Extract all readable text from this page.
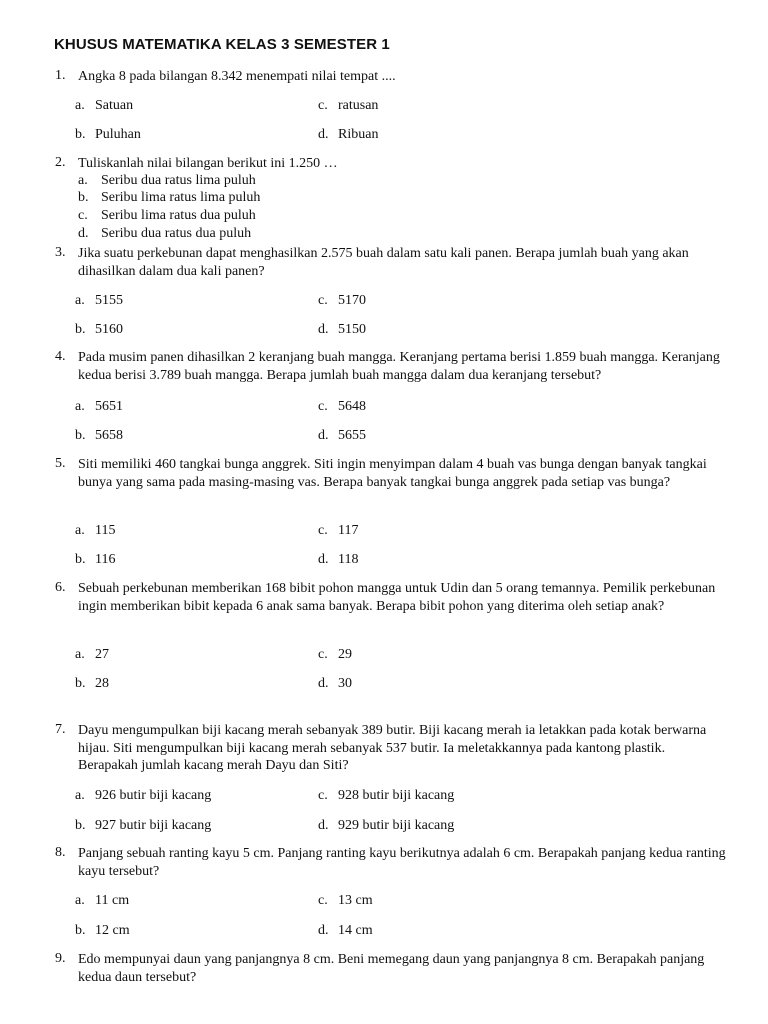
KHUSUS MATEMATIKA KELAS 3 SEMESTER 1
1. Angka 8 pada bilangan 8.342 menempati nilai tempat ....
a. Satuan	c. ratusan
b. Puluhan	d. Ribuan
2. Tuliskanlah nilai bilangan berikut ini 1.250 …
a. Seribu dua ratus lima puluh
b. Seribu lima ratus lima puluh
c. Seribu lima ratus dua puluh
d. Seribu dua ratus dua puluh
3. Jika suatu perkebunan dapat menghasilkan 2.575 buah dalam satu kali panen. Berapa jumlah buah yang akan dihasilkan dalam dua kali panen?
a. 5155	c. 5170
b. 5160	d. 5150
4. Pada musim panen dihasilkan 2 keranjang buah mangga. Keranjang pertama berisi 1.859 buah mangga. Keranjang kedua berisi 3.789 buah mangga. Berapa jumlah buah mangga dalam dua keranjang tersebut?
a. 5651	c. 5648
b. 5658	d. 5655
5. Siti memiliki 460 tangkai bunga anggrek. Siti ingin menyimpan dalam 4 buah vas bunga dengan banyak tangkai bunya yang sama pada masing-masing vas. Berapa banyak tangkai bunga anggrek pada setiap vas bunga?
a. 115	c. 117
b. 116	d. 118
6. Sebuah perkebunan memberikan 168 bibit pohon mangga untuk Udin dan 5 orang temannya. Pemilik perkebunan ingin memberikan bibit kepada 6 anak sama banyak. Berapa bibit pohon yang diterima oleh setiap anak?
a. 27	c. 29
b. 28	d. 30
7. Dayu mengumpulkan biji kacang merah sebanyak 389 butir. Biji kacang merah ia letakkan pada kotak berwarna hijau. Siti mengumpulkan biji kacang merah sebanyak 537 butir. Ia meletakkannya pada kantong plastik. Berapakah jumlah kacang merah Dayu dan Siti?
a. 926 butir biji kacang	c. 928 butir biji kacang
b. 927 butir biji kacang	d. 929 butir biji kacang
8. Panjang sebuah ranting kayu 5 cm. Panjang ranting kayu berikutnya adalah 6 cm. Berapakah panjang kedua ranting kayu tersebut?
a. 11 cm	c. 13 cm
b. 12 cm	d. 14 cm
9. Edo mempunyai daun yang panjangnya 8 cm. Beni memegang daun yang panjangnya 8 cm. Berapakah panjang kedua daun tersebut?
